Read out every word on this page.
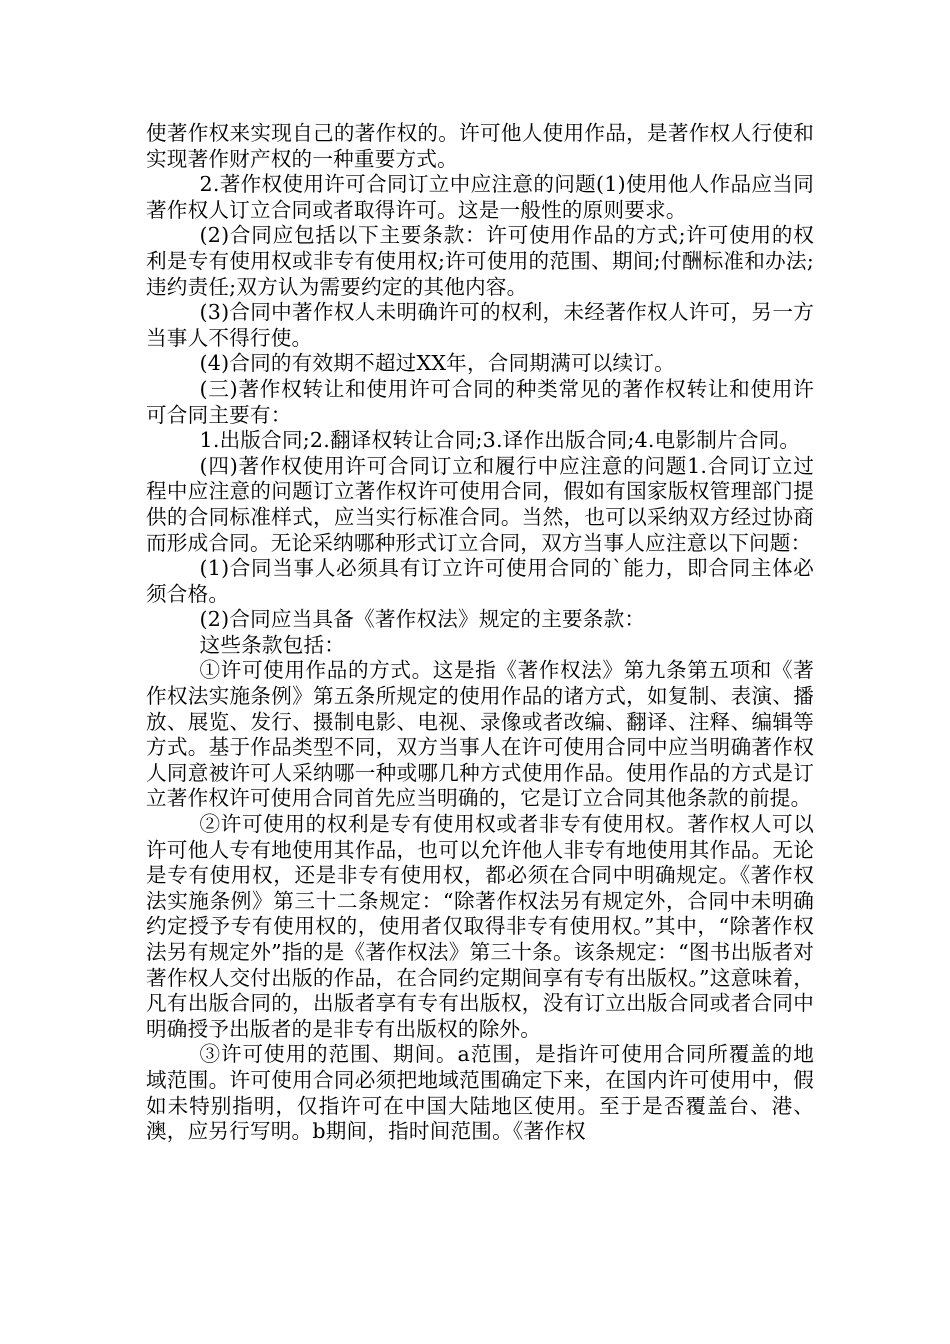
使著作权来实现自己的著作权的。许可他人使用作品，是著作权人行使和实现著作财产权的一种重要方式。

2.著作权使用许可合同订立中应注意的问题(1)使用他人作品应当同著作权人订立合同或者取得许可。这是一般性的原则要求。

(2)合同应包括以下主要条款：许可使用作品的方式;许可使用的权利是专有使用权或非专有使用权;许可使用的范围、期间;付酬标准和办法;违约责任;双方认为需要约定的其他内容。

(3)合同中著作权人未明确许可的权利，未经著作权人许可，另一方当事人不得行使。

(4)合同的有效期不超过XX年，合同期满可以续订。

(三)著作权转让和使用许可合同的种类常见的著作权转让和使用许可合同主要有：

1.出版合同;2.翻译权转让合同;3.译作出版合同;4.电影制片合同。

(四)著作权使用许可合同订立和履行中应注意的问题1.合同订立过程中应注意的问题订立著作权许可使用合同，假如有国家版权管理部门提供的合同标准样式，应当实行标准合同。当然，也可以采纳双方经过协商而形成合同。无论采纳哪种形式订立合同，双方当事人应注意以下问题：

(1)合同当事人必须具有订立许可使用合同的`能力，即合同主体必须合格。

(2)合同应当具备《著作权法》规定的主要条款：

这些条款包括：

①许可使用作品的方式。这是指《著作权法》第九条第五项和《著作权法实施条例》第五条所规定的使用作品的诸方式，如复制、表演、播放、展览、发行、摄制电影、电视、录像或者改编、翻译、注释、编辑等方式。基于作品类型不同，双方当事人在许可使用合同中应当明确著作权人同意被许可人采纳哪一种或哪几种方式使用作品。使用作品的方式是订立著作权许可使用合同首先应当明确的，它是订立合同其他条款的前提。

②许可使用的权利是专有使用权或者非专有使用权。著作权人可以许可他人专有地使用其作品，也可以允许他人非专有地使用其作品。无论是专有使用权，还是非专有使用权，都必须在合同中明确规定。《著作权法实施条例》第三十二条规定：“除著作权法另有规定外，合同中未明确约定授予专有使用权的，使用者仅取得非专有使用权。”其中，“除著作权法另有规定外”指的是《著作权法》第三十条。该条规定：“图书出版者对著作权人交付出版的作品，在合同约定期间享有专有出版权。”这意味着，凡有出版合同的，出版者享有专有出版权，没有订立出版合同或者合同中明确授予出版者的是非专有出版权的除外。

③许可使用的范围、期间。a范围，是指许可使用合同所覆盖的地域范围。许可使用合同必须把地域范围确定下来，在国内许可使用中，假如未特别指明，仅指许可在中国大陆地区使用。至于是否覆盖台、港、澳，应另行写明。b期间，指时间范围。《著作权
